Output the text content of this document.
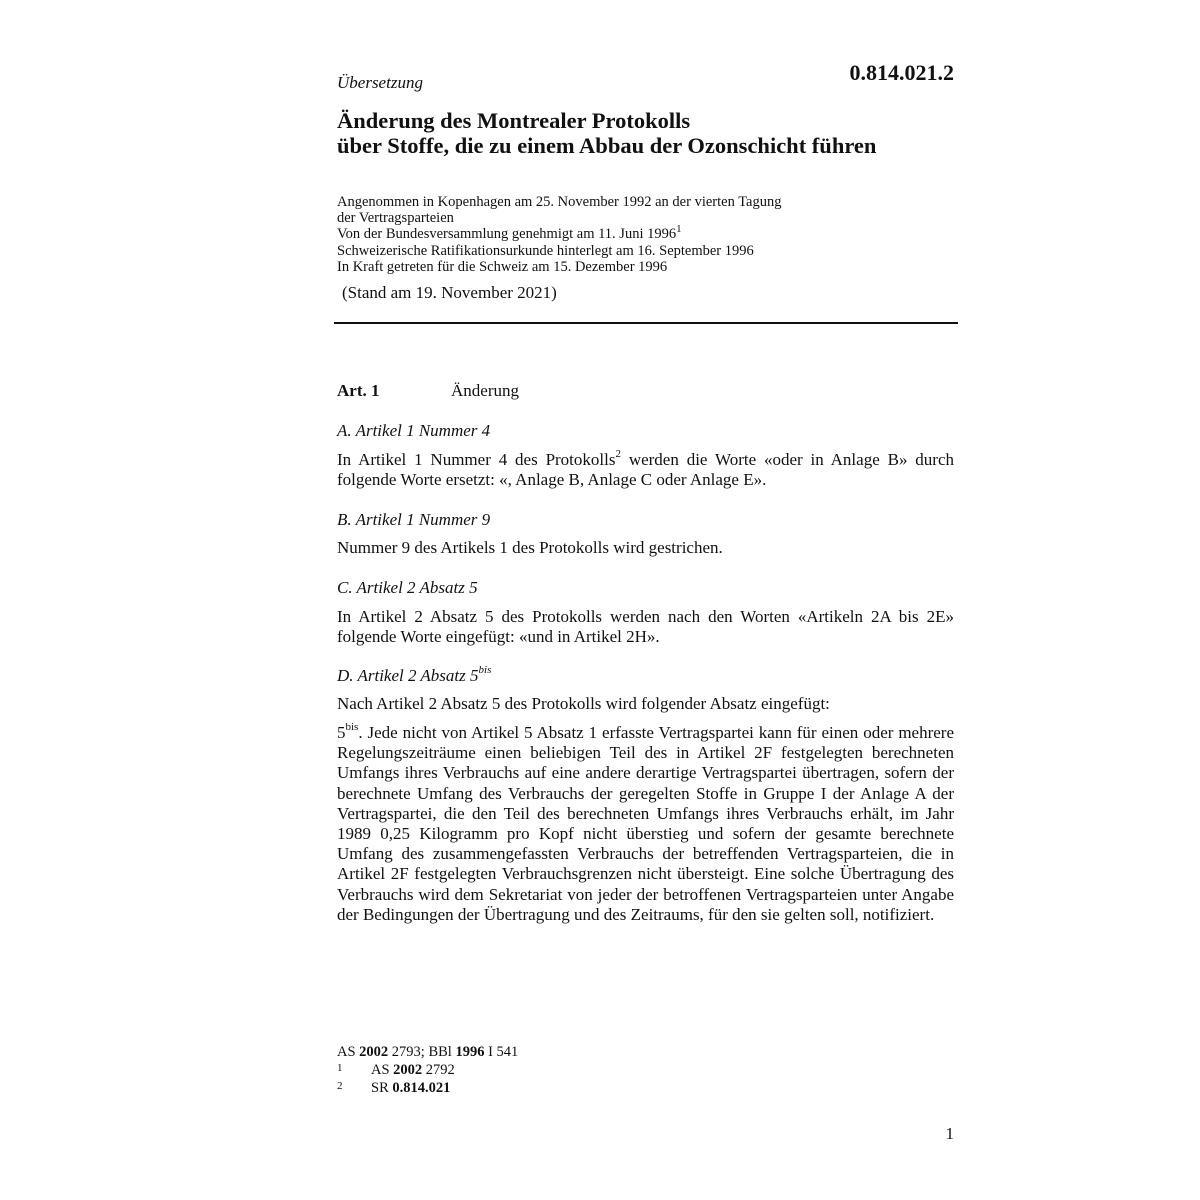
Übersetzung	0.814.021.2
Änderung des Montrealer Protokolls
über Stoffe, die zu einem Abbau der Ozonschicht führen
Angenommen in Kopenhagen am 25. November 1992 an der vierten Tagung
der Vertragsparteien
Von der Bundesversammlung genehmigt am 11. Juni 1996$^1$
Schweizerische Ratifikationsurkunde hinterlegt am 16. September 1996
In Kraft getreten für die Schweiz am 15. Dezember 1996
(Stand am 19. November 2021)
Art. 1	Änderung
A. Artikel 1 Nummer 4
In Artikel 1 Nummer 4 des Protokolls$^2$ werden die Worte «oder in Anlage B» durch folgende Worte ersetzt: «, Anlage B, Anlage C oder Anlage E».
B. Artikel 1 Nummer 9
Nummer 9 des Artikels 1 des Protokolls wird gestrichen.
C. Artikel 2 Absatz 5
In Artikel 2 Absatz 5 des Protokolls werden nach den Worten «Artikeln 2A bis 2E» folgende Worte eingefügt: «und in Artikel 2H».
D. Artikel 2 Absatz $5^{bis}$
Nach Artikel 2 Absatz 5 des Protokolls wird folgender Absatz eingefügt:
$5^{bis}$. Jede nicht von Artikel 5 Absatz 1 erfasste Vertragspartei kann für einen oder mehrere Regelungszeiträume einen beliebigen Teil des in Artikel 2F festgelegten berechneten Umfangs ihres Verbrauchs auf eine andere derartige Vertragspartei übertragen, sofern der berechnete Umfang des Verbrauchs der geregelten Stoffe in Gruppe I der Anlage A der Vertragspartei, die den Teil des berechneten Umfangs ihres Verbrauchs erhält, im Jahr 1989 0,25 Kilogramm pro Kopf nicht überstieg und sofern der gesamte berechnete Umfang des zusammengefassten Verbrauchs der betreffenden Vertragsparteien, die in Artikel 2F festgelegten Verbrauchsgrenzen nicht übersteigt. Eine solche Übertragung des Verbrauchs wird dem Sekretariat von jeder der betroffenen Vertragsparteien unter Angabe der Bedingungen der Übertragung und des Zeitraums, für den sie gelten soll, notifiziert.
AS 2002 2793; BBl 1996 I 541
1 AS 2002 2792
2 SR 0.814.021
1
